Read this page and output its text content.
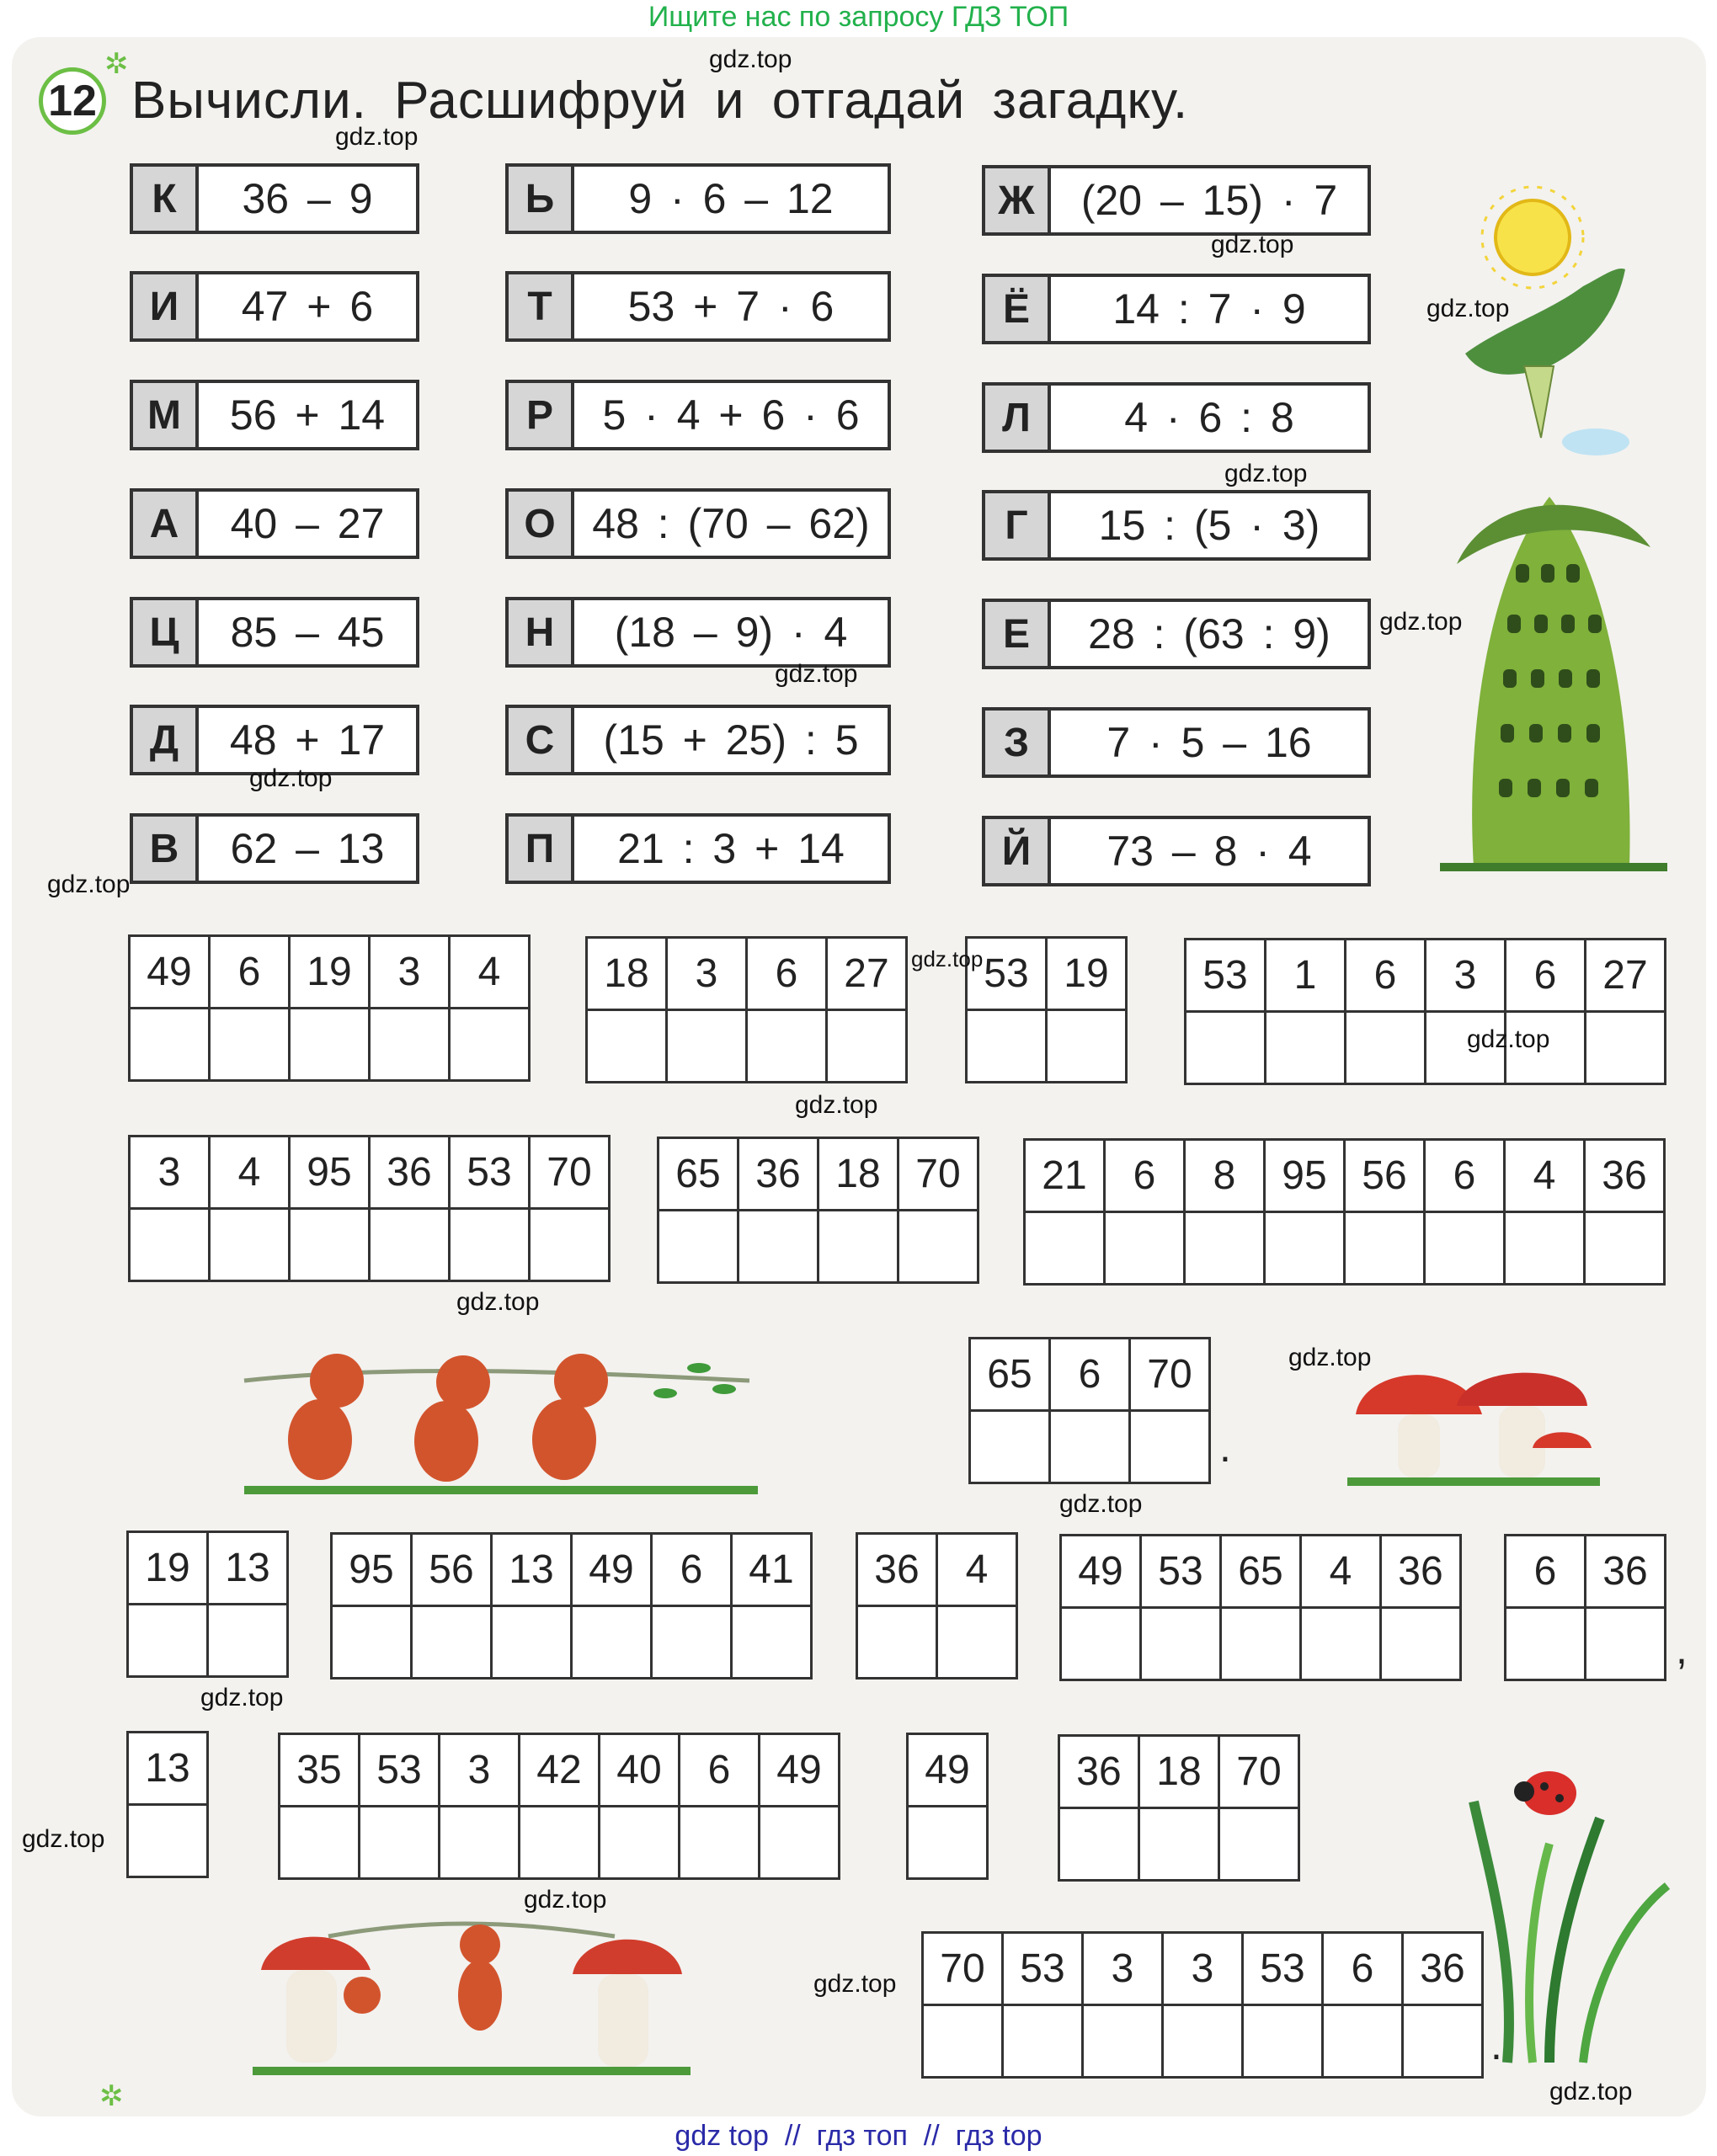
Ищите нас по запросу ГДЗ ТОП
12
✲
Вычисли. Расшифруй и отгадай загадку.
К	36 – 9
И	47 + 6
М	56 + 14
А	40 – 27
Ц	85 – 45
Д	48 + 17
В	62 – 13
Ь	9 · 6 – 12
Т	53 + 7 · 6
Р	5 · 4 + 6 · 6
О 48 : (70 – 62)
Н	(18 – 9) · 4
С	(15 + 25) : 5
П	21 : 3 + 14
Ж	(20 – 15) · 7
Ё	14 : 7 · 9
Л	4 · 6 : 8
Г	15 : (5 · 3)
Е	28 : (63 : 9)
З	7 · 5 – 16
Й	73 – 8 · 4
49	6	19	3	4
					18	3	6	27
			53	19
	53	1	6	3	6	27

3	4	95	36	53	70
					65	36	18	70
			21	6	8	95	56	6	4	36

65	6	70

.
19	13
	95	56	13	49	6	41
					36	4
	49	53	65	4	36
				6	36

,
13	35	53	3	42	40	6	49
							49	36	18	70

70	53	3	3	53	6	36

.
gdz.top
gdz.top
gdz.top
gdz.top
gdz.top
gdz.top
gdz.top
gdz.top
gdz.top
gdz.top
gdz.top
gdz.top
gdz.top
gdz.top
gdz.top
gdz.top
gdz.top
gdz.top
gdz.top
gdz.top
✲
gdz top  //  гдз топ  //  гдз top
